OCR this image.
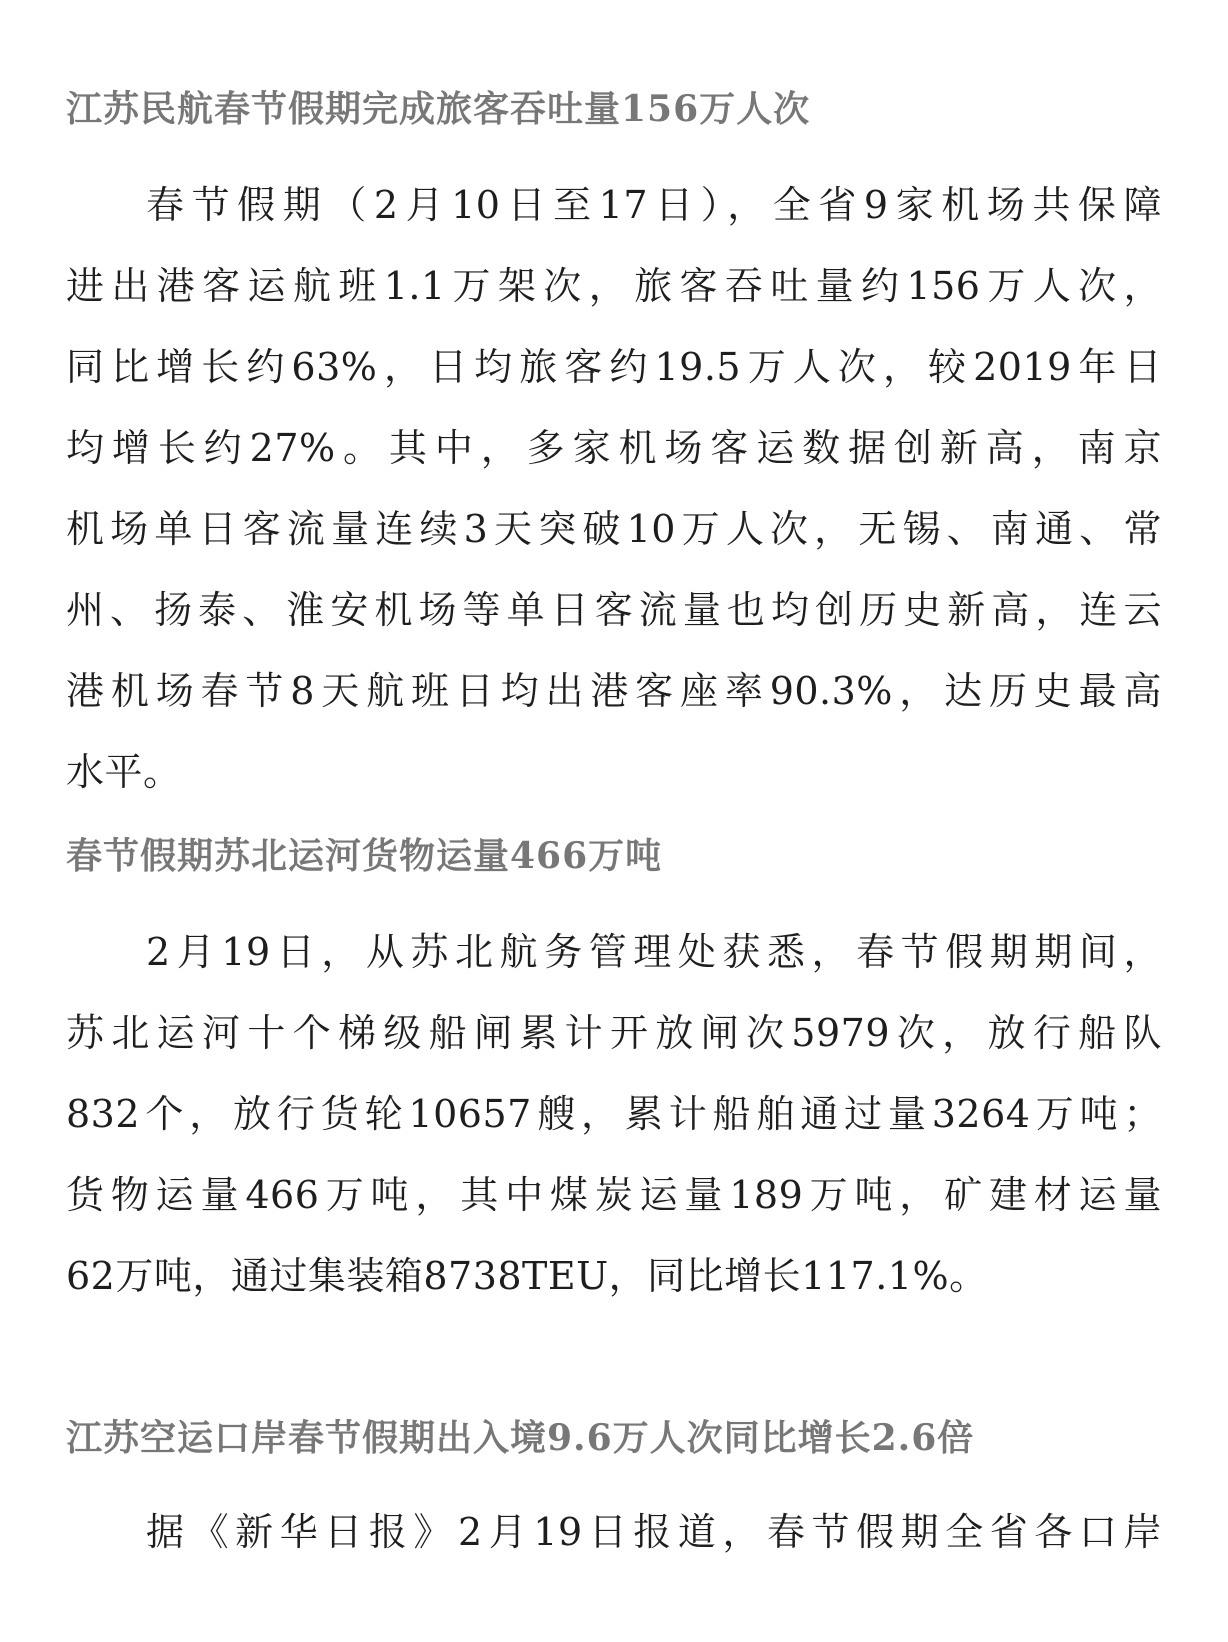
江苏民航春节假期完成旅客吞吐量156万人次
春节假期（2月10日至17日），全省9家机场共保障
进出港客运航班1.1万架次，旅客吞吐量约156万人次，
同比增长约63%，日均旅客约19.5万人次，较2019年日
均增长约27%。其中，多家机场客运数据创新高，南京
机场单日客流量连续3天突破10万人次，无锡、南通、常
州、扬泰、淮安机场等单日客流量也均创历史新高，连云
港机场春节8天航班日均出港客座率90.3%，达历史最高
水平。
春节假期苏北运河货物运量466万吨
2月19日，从苏北航务管理处获悉，春节假期期间，
苏北运河十个梯级船闸累计开放闸次5979次，放行船队
832个，放行货轮10657艘，累计船舶通过量3264万吨；
货物运量466万吨，其中煤炭运量189万吨，矿建材运量
62万吨，通过集装箱8738TEU，同比增长117.1%。
江苏空运口岸春节假期出入境9.6万人次同比增长2.6倍
据《新华日报》2月19日报道，春节假期全省各口岸
